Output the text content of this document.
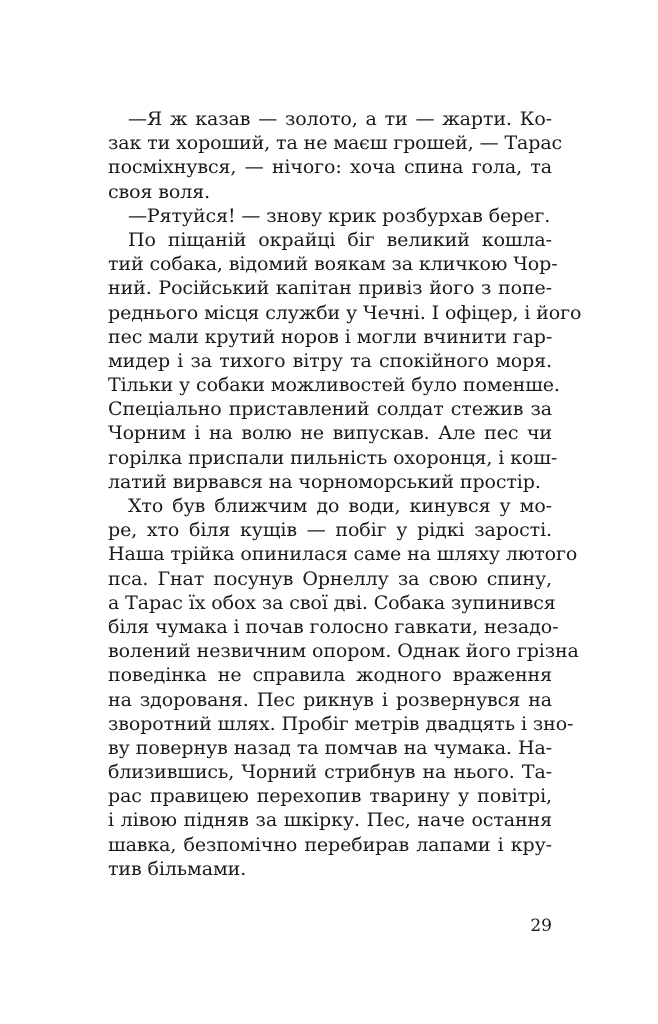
—Я ж казав — золото, а ти — жарти. Ко-
зак ти хороший, та не маєш грошей, — Тарас
посміхнувся, — нічого: хоча спина гола, та
своя воля.
—Рятуйся! — знову крик розбурхав берег.
По піщаній окрайці біг великий кошла-
тий собака, відомий воякам за кличкою Чор-
ний. Російський капітан привіз його з попе-
реднього місця служби у Чечні. І офіцер, і його
пес мали крутий норов і могли вчинити гар-
мидер і за тихого вітру та спокійного моря.
Тільки у собаки можливостей було поменше.
Спеціально приставлений солдат стежив за
Чорним і на волю не випускав. Але пес чи
горілка приспали пильність охоронця, і кош-
латий вирвався на чорноморський простір.
Хто був ближчим до води, кинувся у мо-
ре, хто біля кущів — побіг у рідкі зарості.
Наша трійка опинилася саме на шляху лютого
пса. Гнат посунув Орнеллу за свою спину,
а Тарас їх обох за свої дві. Собака зупинився
біля чумака і почав голосно гавкати, незадо-
волений незвичним опором. Однак його грізна
поведінка не справила жодного враження
на здорованя. Пес рикнув і розвернувся на
зворотний шлях. Пробіг метрів двадцять і зно-
ву повернув назад та помчав на чумака. На-
близившись, Чорний стрибнув на нього. Та-
рас правицею перехопив тварину у повітрі,
і лівою підняв за шкірку. Пес, наче остання
шавка, безпомічно перебирав лапами і кру-
тив більмами.
29
